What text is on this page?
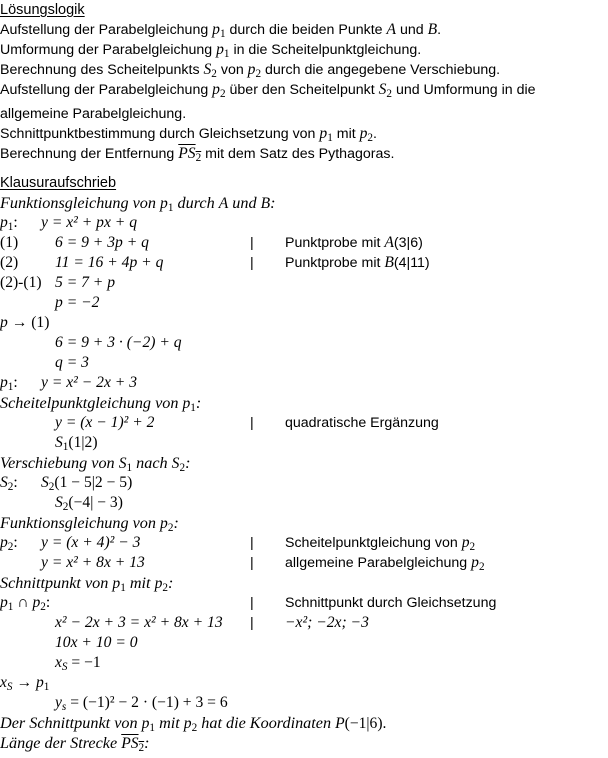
Lösungslogik
Aufstellung der Parabelgleichung $p_1$ durch die beiden Punkte A und B.
Umformung der Parabelgleichung $p_1$ in die Scheitelpunktgleichung.
Berechnung des Scheitelpunkts $S_2$ von $p_2$ durch die angegebene Verschiebung.
Aufstellung der Parabelgleichung $p_2$ über den Scheitelpunkt $S_2$ und Umformung in die allgemeine Parabelgleichung.
Schnittpunktbestimmung durch Gleichsetzung von $p_1$ mit $p_2$.
Berechnung der Entfernung $PS_2$ mit dem Satz des Pythagoras.
Klausuraufschrieb
Funktionsgleichung von $p_1$ durch A und B:
$p_1$: y = x² + px + q
(1) 6 = 9 + 3p + q	| Punktprobe mit A(3|6)
(2) 11 = 16 + 4p + q	| Punktprobe mit B(4|11)
(2)-(1) 5 = 7 + p
p = −2
p → (1)
6 = 9 + 3 · (−2) + q
q = 3
$p_1$: y = x² − 2x + 3
Scheitelpunktgleichung von $p_1$:
y = (x − 1)² + 2	| quadratische Ergänzung
$S_1(1|2)$
Verschiebung von $S_1$ nach $S_2$:
$S_2$: $S_2(1 - 5|2 - 5)$
$S_2(-4| - 3)$
Funktionsgleichung von $p_2$:
$p_2$: y = (x + 4)² − 3	| Scheitelpunktgleichung von $p_2$
y = x² + 8x + 13	| allgemeine Parabelgleichung $p_2$
Schnittpunkt von $p_1$ mit $p_2$:
$p_1$ ∩ $p_2$:	| Schnittpunkt durch Gleichsetzung
x² − 2x + 3 = x² + 8x + 13 | −x²; −2x; −3
10x + 10 = 0
$x_S = -1$
$x_S \to p_1$
$y_s = (-1)^2 - 2 \cdot (-1) + 3 = 6$
Der Schnittpunkt von $p_1$ mit $p_2$ hat die Koordinaten P(−1|6).
Länge der Strecke $PS_2$:
